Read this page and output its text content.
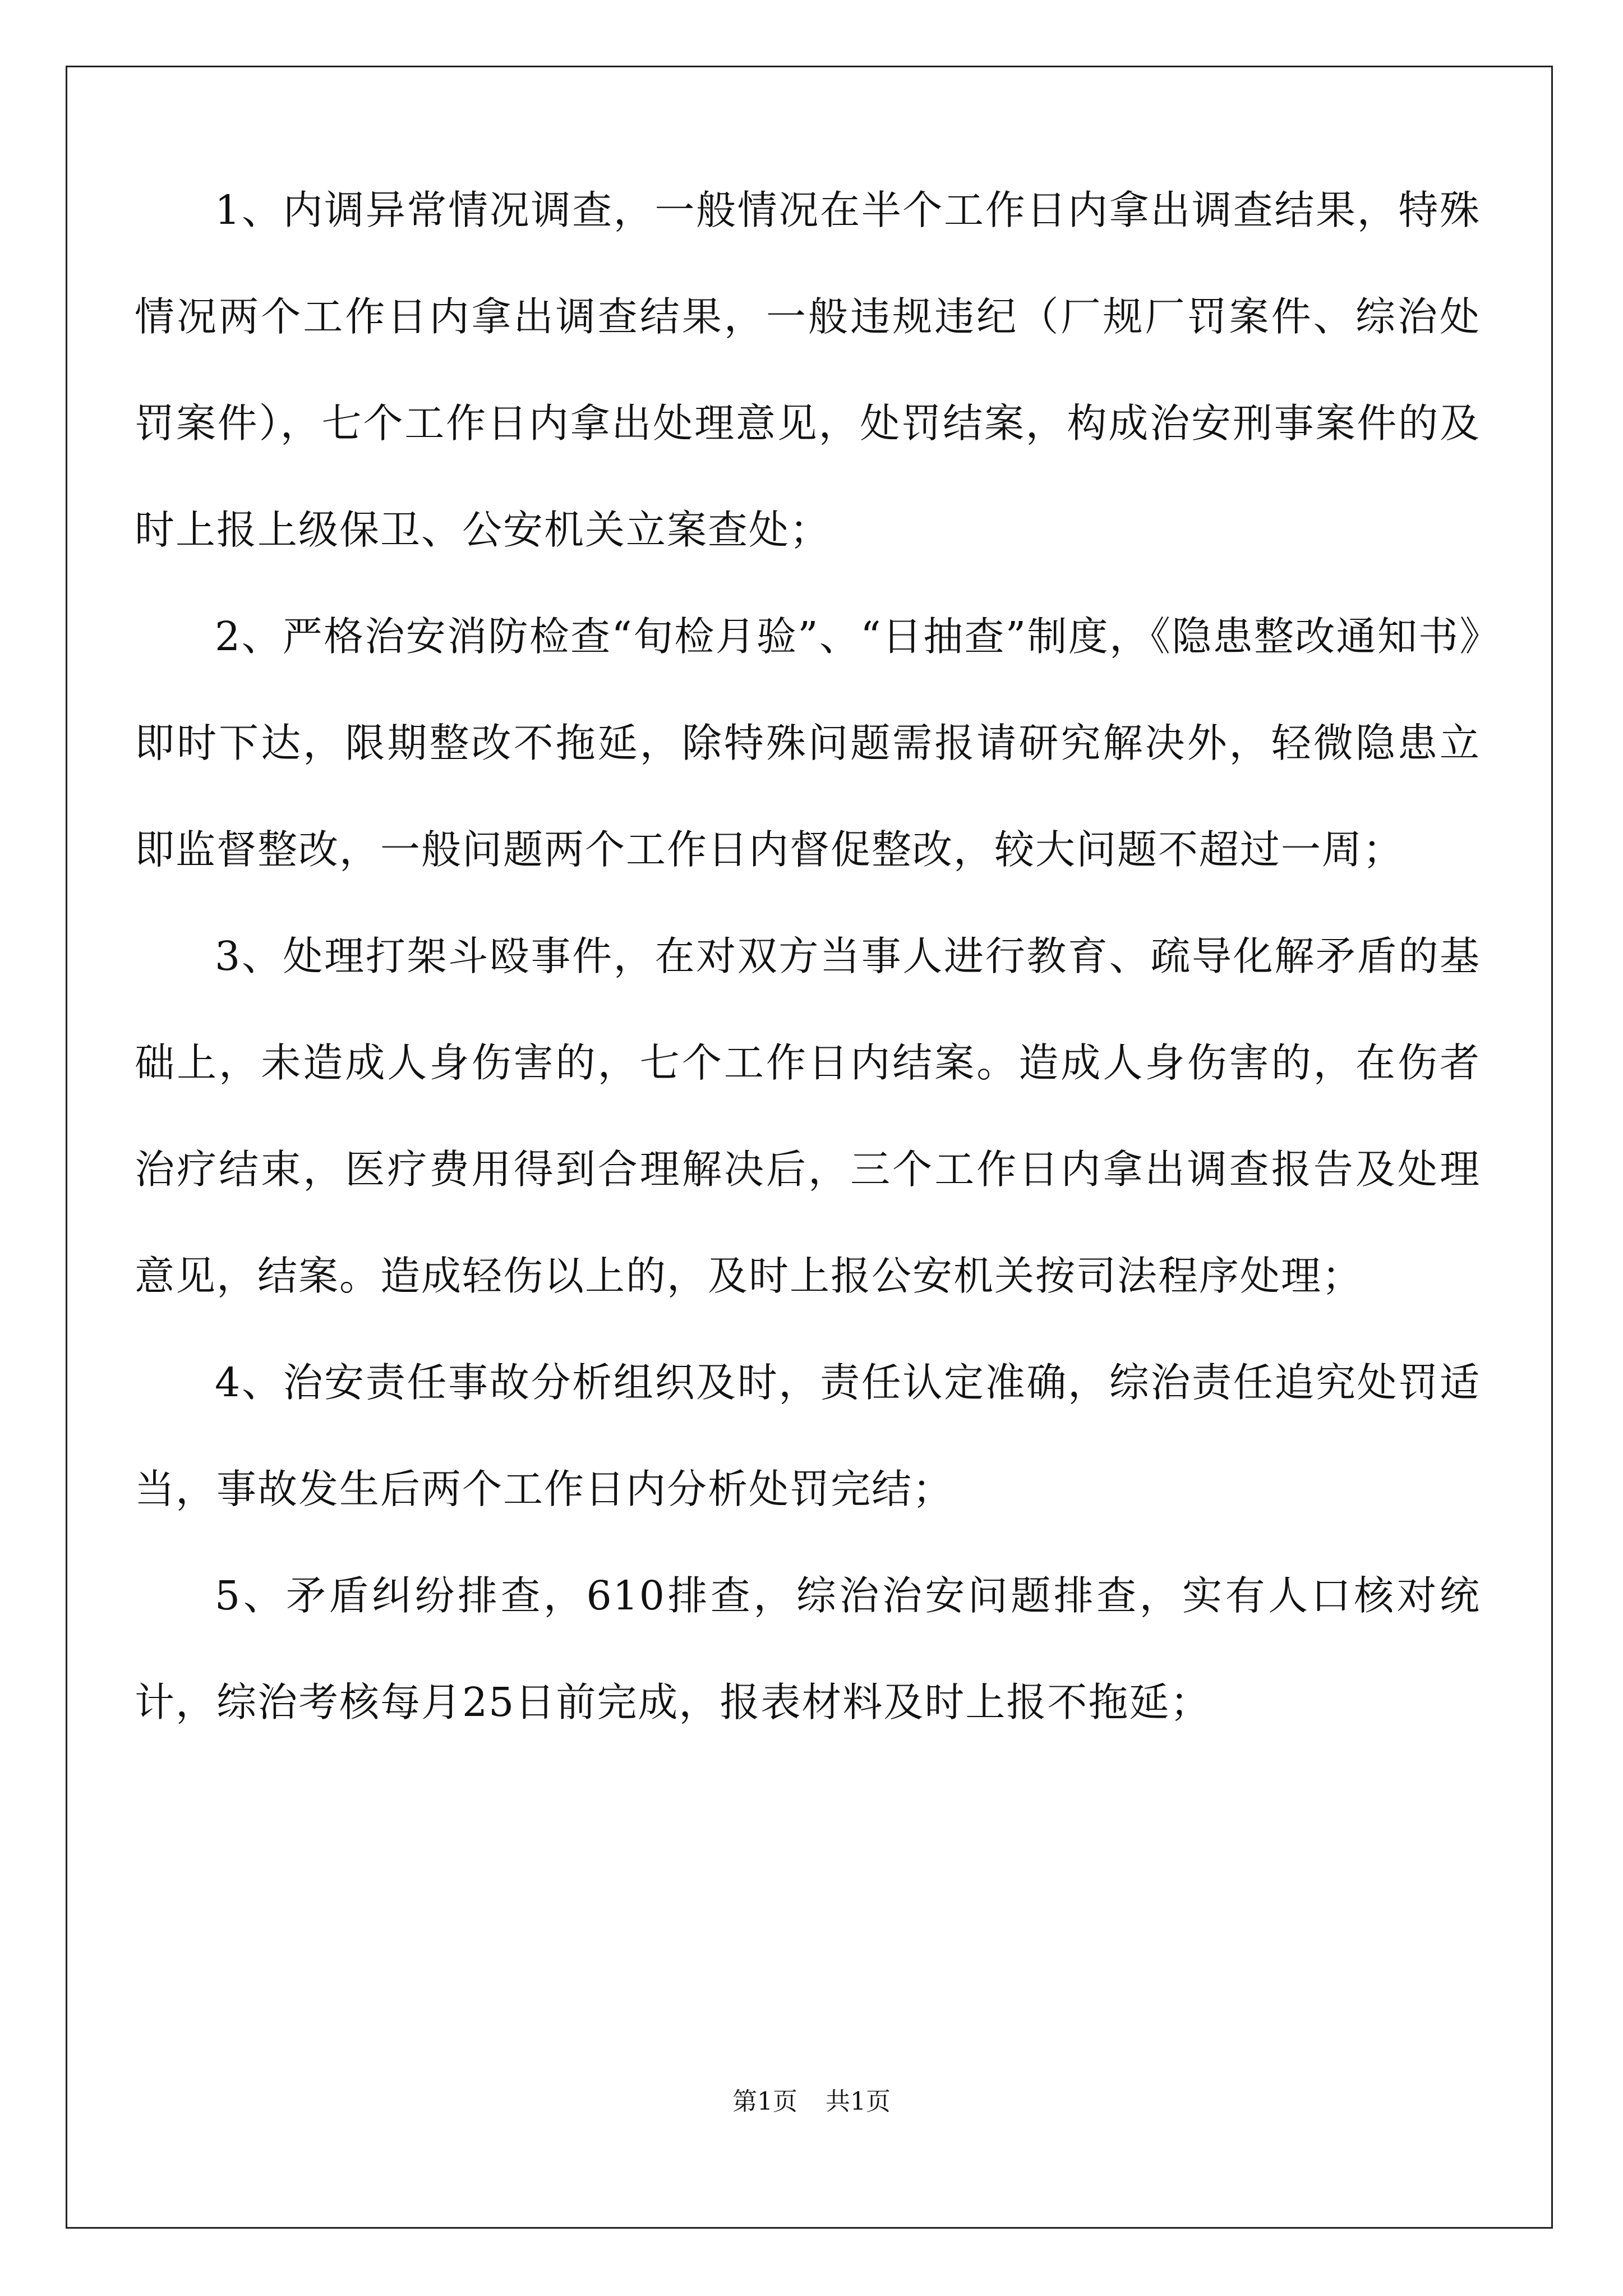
1、内调异常情况调查，一般情况在半个工作日内拿出调查结果，特殊情况两个工作日内拿出调查结果，一般违规违纪（厂规厂罚案件、综治处罚案件），七个工作日内拿出处理意见，处罚结案，构成治安刑事案件的及时上报上级保卫、公安机关立案查处；

2、严格治安消防检查“旬检月验”、“日抽查”制度，《隐患整改通知书》即时下达，限期整改不拖延，除特殊问题需报请研究解决外，轻微隐患立即监督整改，一般问题两个工作日内督促整改，较大问题不超过一周；

3、处理打架斗殴事件，在对双方当事人进行教育、疏导化解矛盾的基础上，未造成人身伤害的，七个工作日内结案。造成人身伤害的，在伤者治疗结束，医疗费用得到合理解决后，三个工作日内拿出调查报告及处理意见，结案。造成轻伤以上的，及时上报公安机关按司法程序处理；

4、治安责任事故分析组织及时，责任认定准确，综治责任追究处罚适当，事故发生后两个工作日内分析处罚完结；

5、矛盾纠纷排查，610排查，综治治安问题排查，实有人口核对统计，综治考核每月25日前完成，报表材料及时上报不拖延；

第1页 共1页
